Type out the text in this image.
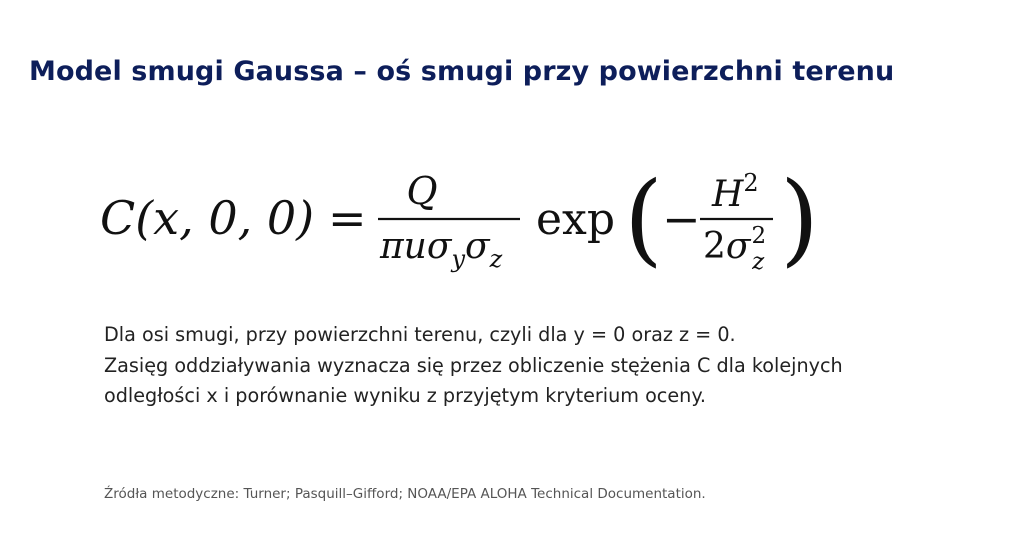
Model smugi Gaussa – oś smugi przy powierzchni terenu
C(x, 0, 0) = Q
$\pi u\sigma_y\sigma_z$
exp (
− $H^2$
$2\sigma^2$ z )
Dla osi smugi, przy powierzchni terenu, czyli dla y = 0 oraz z = 0.
Zasięg oddziaływania wyznacza się przez obliczenie stężenia C dla kolejnych
odległości x i porównanie wyniku z przyjętym kryterium oceny.

Źródła metodyczne: Turner; Pasquill–Gifford; NOAA/EPA ALOHA Technical Documentation.
